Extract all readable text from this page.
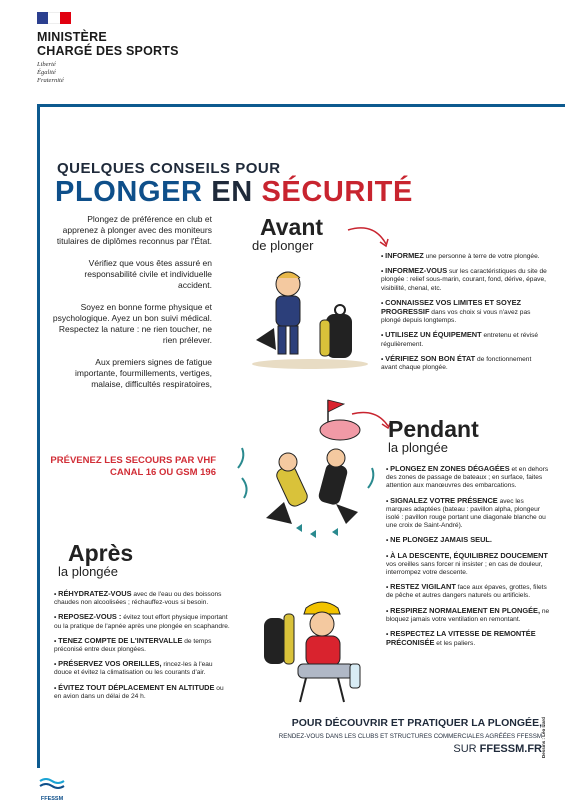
MINISTÈRE
CHARGÉ DES SPORTS
Liberté
Égalité
Fraternité
QUELQUES CONSEILS POUR
PLONGER EN SÉCURITÉ

Plongez de préférence en club et apprenez à plonger avec des moniteurs titulaires de diplômes reconnus par l'État.

Vérifiez que vous êtes assuré en responsabilité civile et individuelle accident.

Soyez en bonne forme physique et psychologique. Ayez un bon suivi médical. Respectez la nature : ne rien toucher, ne rien prélever.

Aux premiers signes de fatigue importante, fourmillements, vertiges, malaise, difficultés respiratoires,

PRÉVENEZ LES SECOURS PAR VHF CANAL 16 OU GSM 196
Avant
de plonger
• INFORMEZ une personne à terre de votre plongée.
• INFORMEZ-VOUS sur les caractéristiques du site de plongée : relief sous-marin, courant, fond, dérive, épave, visibilité, chenal, etc.
• CONNAISSEZ VOS LIMITES ET SOYEZ PROGRESSIF dans vos choix si vous n'avez pas plongé depuis longtemps.
• UTILISEZ UN ÉQUIPEMENT entretenu et révisé régulièrement.
• VÉRIFIEZ SON BON ÉTAT de fonctionnement avant chaque plongée.
Pendant
la plongée
• PLONGEZ EN ZONES DÉGAGÉES et en dehors des zones de passage de bateaux ; en surface, faites attention aux manœuvres des embarcations.
• SIGNALEZ VOTRE PRÉSENCE avec les marques adaptées (bateau : pavillon alpha, plongeur isolé : pavillon rouge portant une diagonale blanche ou une croix de Saint-André).
• NE PLONGEZ JAMAIS SEUL.
• À LA DESCENTE, ÉQUILIBREZ DOUCEMENT vos oreilles sans forcer ni insister ; en cas de douleur, interrompez votre descente.
• RESTEZ VIGILANT face aux épaves, grottes, filets de pêche et autres dangers naturels ou artificiels.
• RESPIREZ NORMALEMENT EN PLONGÉE, ne bloquez jamais votre ventilation en remontant.
• RESPECTEZ LA VITESSE DE REMONTÉE PRÉCONISÉE et les paliers.
Après
la plongée
• RÉHYDRATEZ-VOUS avec de l'eau ou des boissons chaudes non alcoolisées ; réchauffez-vous si besoin.
• REPOSEZ-VOUS : évitez tout effort physique important ou la pratique de l'apnée après une plongée en scaphandre.
• TENEZ COMPTE DE L'INTERVALLE de temps préconisé entre deux plongées.
• PRÉSERVEZ VOS OREILLES, rincez-les à l'eau douce et évitez la climatisation ou les courants d'air.
• ÉVITEZ TOUT DÉPLACEMENT EN ALTITUDE ou en avion dans un délai de 24 h.
POUR DÉCOUVRIR ET PRATIQUER LA PLONGÉE,
RENDEZ-VOUS DANS LES CLUBS ET STRUCTURES COMMERCIALES AGRÉÉES FFESSM
SUR FFESSM.FR Dessins : Léo Izard
FFESSM
